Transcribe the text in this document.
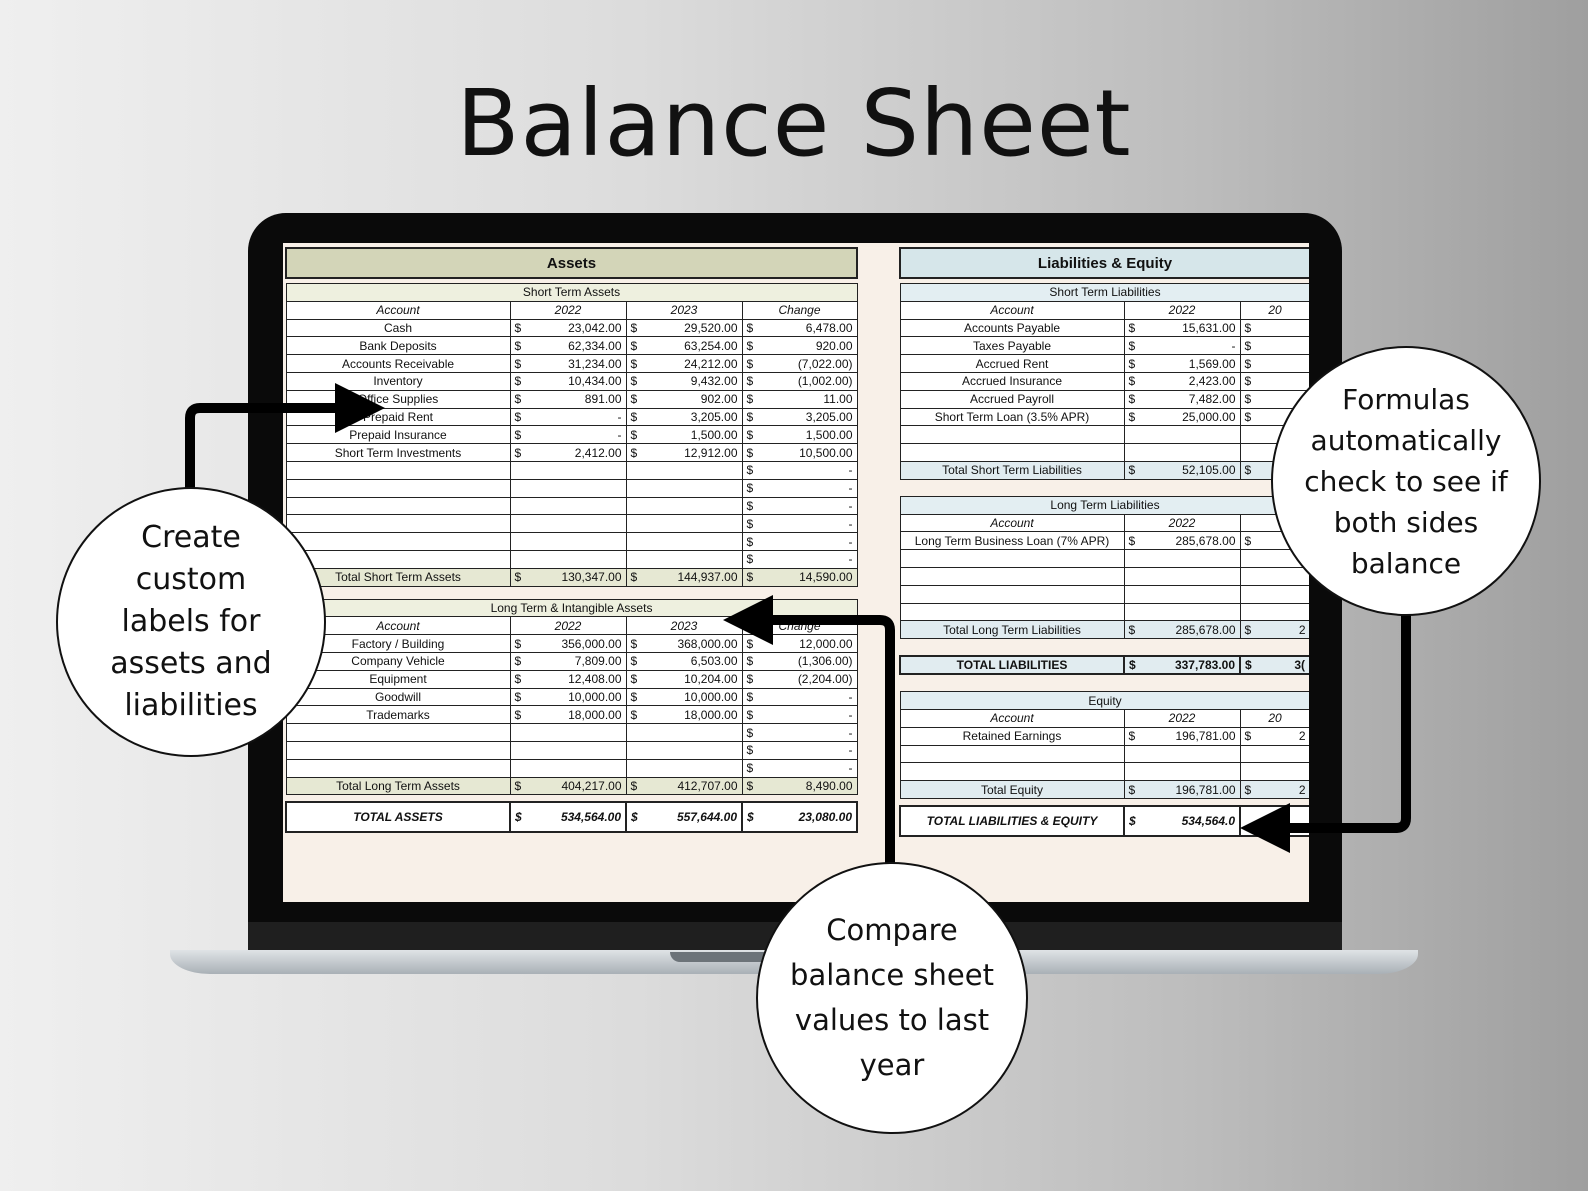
Balance Sheet
Assets			

Short Term Assets			
Account	2022	2023	Change
Cash	$ 23,042.00	$ 29,520.00	$ 6,478.00

Bank Deposits	$ 62,334.00	$ 63,254.00	$ 920.00

Accounts Receivable	$ 31,234.00	$ 24,212.00	$ (7,022.00)

Inventory	$ 10,434.00	$ 9,432.00	$ (1,002.00)

Office Supplies	$ 891.00	$ 902.00	$ 11.00

Prepaid Rent	$ -	$ 3,205.00	$ 3,205.00

Prepaid Insurance	$ -	$ 1,500.00	$ 1,500.00

Short Term Investments	$ 2,412.00	$ 12,912.00	$ 10,500.00

			$ -

			$ -

			$ -

			$ -

			$ -

			$ -

Total Short Term Assets	$ 130,347.00	$ 144,937.00	$ 14,590.00

Long Term & Intangible Assets			
Account	2022	2023	Change
Factory / Building	$ 356,000.00	$ 368,000.00	$ 12,000.00

Company Vehicle	$ 7,809.00	$ 6,503.00	$ (1,306.00)

Equipment	$ 12,408.00	$ 10,204.00	$ (2,204.00)

Goodwill	$ 10,000.00	$ 10,000.00	$ -

Trademarks	$ 18,000.00	$ 18,000.00	$ -

			$ -

			$ -

			$ -

Total Long Term Assets	$ 404,217.00	$ 412,707.00	$ 8,490.00

TOTAL ASSETS	$ 534,564.00	$ 557,644.00	$ 23,080.00
Liabilities & Equity		

Short Term Liabilities		
Account	2022	20
Accounts Payable	$ 15,631.00	$
Taxes Payable	$ -	$
Accrued Rent	$ 1,569.00	$
Accrued Insurance	$ 2,423.00	$
Accrued Payroll	$ 7,482.00	$
Short Term Loan (3.5% APR)	$ 25,000.00	$

Total Short Term Liabilities	$ 52,105.00	$

Long Term Liabilities		
Account	2022	
Long Term Business Loan (7% APR)	$ 285,678.00	$

Total Long Term Liabilities	$ 285,678.00	$ 2

TOTAL LIABILITIES	$ 337,783.00	$ 3(

Equity		
Account	2022	20
Retained Earnings	$ 196,781.00	$ 2

Total Equity	$ 196,781.00	$ 2

TOTAL LIABILITIES & EQUITY	$ 534,564.0	

Create custom labels for assets and liabilities
Formulas automatically check to see if both sides balance
Compare balance sheet values to last year
